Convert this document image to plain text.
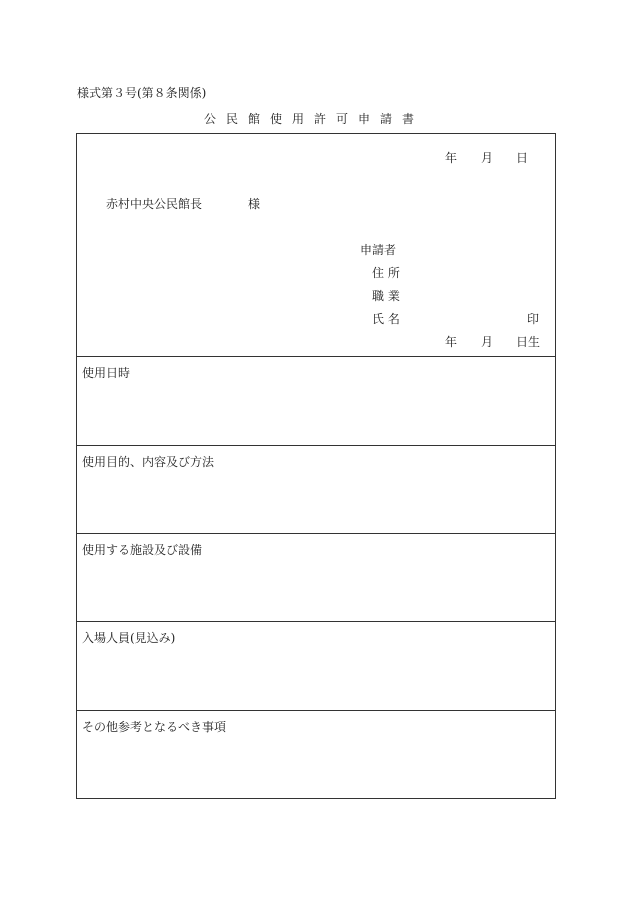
様式第３号(第８条関係)
公民館使用許可申請書
年 月 日
赤村中央公民館長	様
申請者
住 所
職 業
氏 名	印
年 月 日生
使用日時
使用目的、内容及び方法
使用する施設及び設備
入場人員(見込み)
その他参考となるべき事項
